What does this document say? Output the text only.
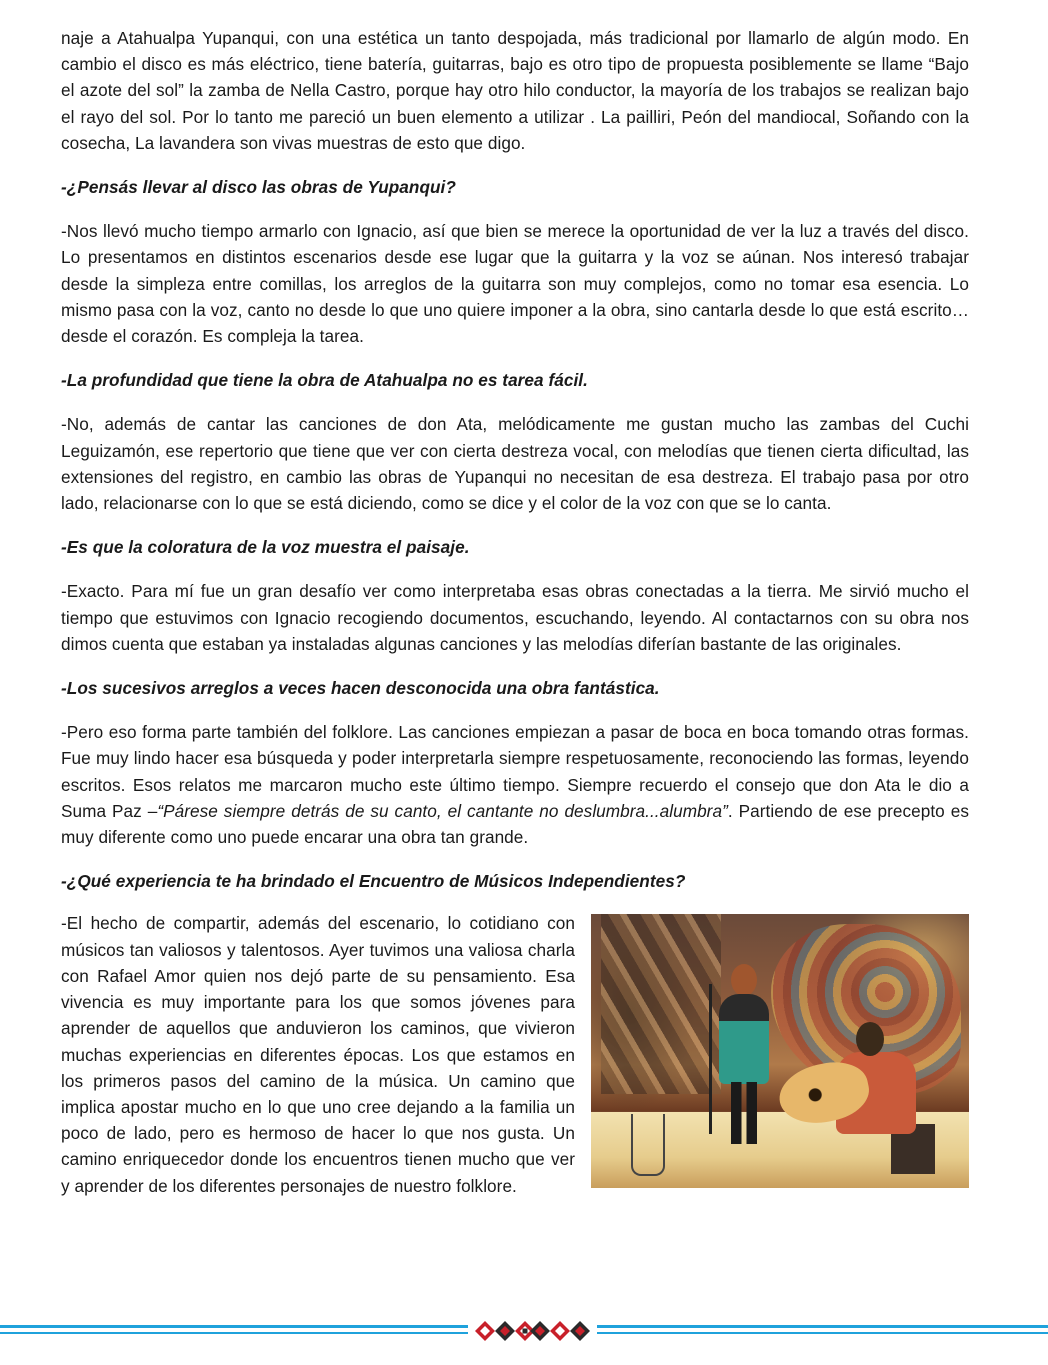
naje a Atahualpa Yupanqui, con una estética un tanto despojada, más tradicional por llamarlo de algún modo. En cambio el disco es más eléctrico, tiene batería, guitarras, bajo es otro tipo de propuesta posiblemente se llame “Bajo el azote del sol” la zamba de Nella Castro, porque hay otro hilo conductor, la mayoría de los trabajos se realizan bajo el rayo del sol. Por lo tanto me pareció un buen elemento a utilizar . La pailliri, Peón del mandiocal, Soñando con la cosecha, La lavandera son vivas muestras de esto que digo.

-¿Pensás llevar al disco las obras de Yupanqui?

-Nos llevó mucho tiempo armarlo con Ignacio, así que bien se merece la oportunidad de ver la luz a través del disco. Lo presentamos en distintos escenarios desde ese lugar que la guitarra y la voz se aúnan. Nos interesó trabajar desde la simpleza entre comillas, los arreglos de la guitarra son muy complejos, como no tomar esa esencia. Lo mismo pasa con la voz, canto no desde lo que uno quiere imponer a la obra, sino cantarla desde lo que está escrito… desde el corazón. Es compleja la tarea.

-La profundidad que tiene la obra de Atahualpa no es tarea fácil.

-No, además de cantar las canciones de don Ata, melódicamente me gustan mucho las zambas del Cuchi Leguizamón, ese repertorio que tiene que ver con cierta destreza vocal, con melodías que tienen cierta dificultad, las extensiones del registro, en cambio las obras de Yupanqui no necesitan de esa destreza. El trabajo pasa por otro lado, relacionarse con lo que se está diciendo, como se dice y el color de la voz con que se lo canta.

-Es que la coloratura de la voz muestra el paisaje.

-Exacto. Para mí fue un gran desafío ver como interpretaba esas obras conectadas a la tierra. Me sirvió mucho el tiempo que estuvimos con Ignacio recogiendo documentos, escuchando, leyendo. Al contactarnos con su obra nos dimos cuenta que estaban ya instaladas algunas canciones y las melodías diferían bastante de las originales.

-Los sucesivos arreglos a veces hacen desconocida una obra fantástica.

-Pero eso forma parte también del folklore. Las canciones empiezan a pasar de boca en boca tomando otras formas. Fue muy lindo hacer esa búsqueda y poder interpretarla siempre respetuosamente, reconociendo las formas, leyendo escritos. Esos relatos me marcaron mucho este último tiempo. Siempre recuerdo el consejo que don Ata le dio a Suma Paz –“Párese siempre detrás de su canto, el cantante no deslumbra...alumbra”. Partiendo de ese precepto es muy diferente como uno puede encarar una obra tan grande.

-¿Qué experiencia te ha brindado el Encuentro de Músicos Independientes?

-El hecho de compartir, además del escenario, lo cotidiano con músicos tan valiosos y talentosos. Ayer tuvimos una valiosa charla con Rafael Amor quien nos dejó parte de su pensamiento. Esa vivencia es muy importante para los que somos jóvenes para aprender de aquellos que anduvieron los caminos, que vivieron muchas experiencias en diferentes épocas. Los que estamos en los primeros pasos del camino de la música. Un camino que implica apostar mucho en lo que uno cree dejando a la familia un poco de lado, pero es hermoso de hacer lo que nos gusta. Un camino enriquecedor donde los encuentros tienen mucho que ver y aprender de los diferentes personajes de nuestro folklore.
